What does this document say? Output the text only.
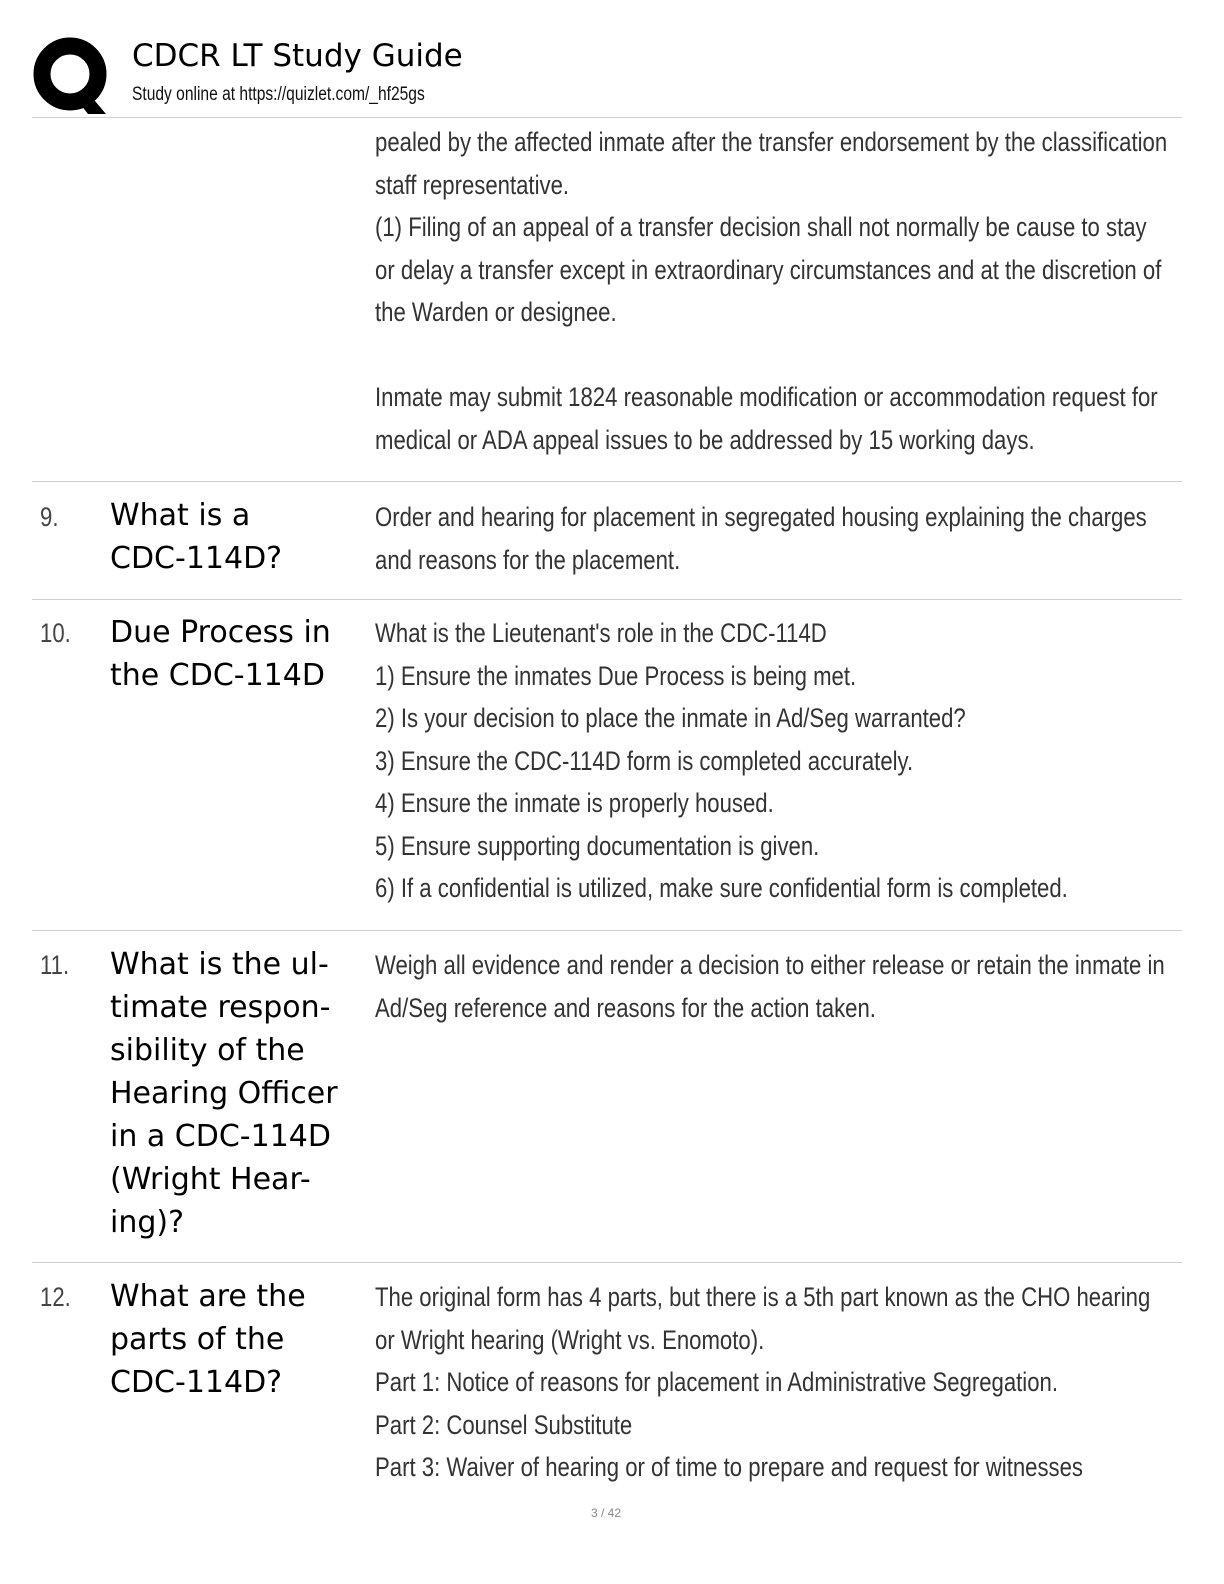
CDCR LT Study Guide
Study online at https://quizlet.com/_hf25gs
pealed by the affected inmate after the transfer endorsement by the classification
staff representative.
(1) Filing of an appeal of a transfer decision shall not normally be cause to stay
or delay a transfer except in extraordinary circumstances and at the discretion of
the Warden or designee.

Inmate may submit 1824 reasonable modification or accommodation request for
medical or ADA appeal issues to be addressed by 15 working days.
9. What is a
CDC-114D?
Order and hearing for placement in segregated housing explaining the charges
and reasons for the placement.
10. Due Process in
the CDC-114D
What is the Lieutenant's role in the CDC-114D
1) Ensure the inmates Due Process is being met.
2) Is your decision to place the inmate in Ad/Seg warranted?
3) Ensure the CDC-114D form is completed accurately.
4) Ensure the inmate is properly housed.
5) Ensure supporting documentation is given.
6) If a confidential is utilized, make sure confidential form is completed.
11. What is the ul-
timate respon-
sibility of the
Hearing Officer
in a CDC-114D
(Wright Hear-
ing)?
Weigh all evidence and render a decision to either release or retain the inmate in
Ad/Seg reference and reasons for the action taken.
12. What are the
parts of the
CDC-114D?
The original form has 4 parts, but there is a 5th part known as the CHO hearing
or Wright hearing (Wright vs. Enomoto).
Part 1: Notice of reasons for placement in Administrative Segregation.
Part 2: Counsel Substitute
Part 3: Waiver of hearing or of time to prepare and request for witnesses
3 / 42
